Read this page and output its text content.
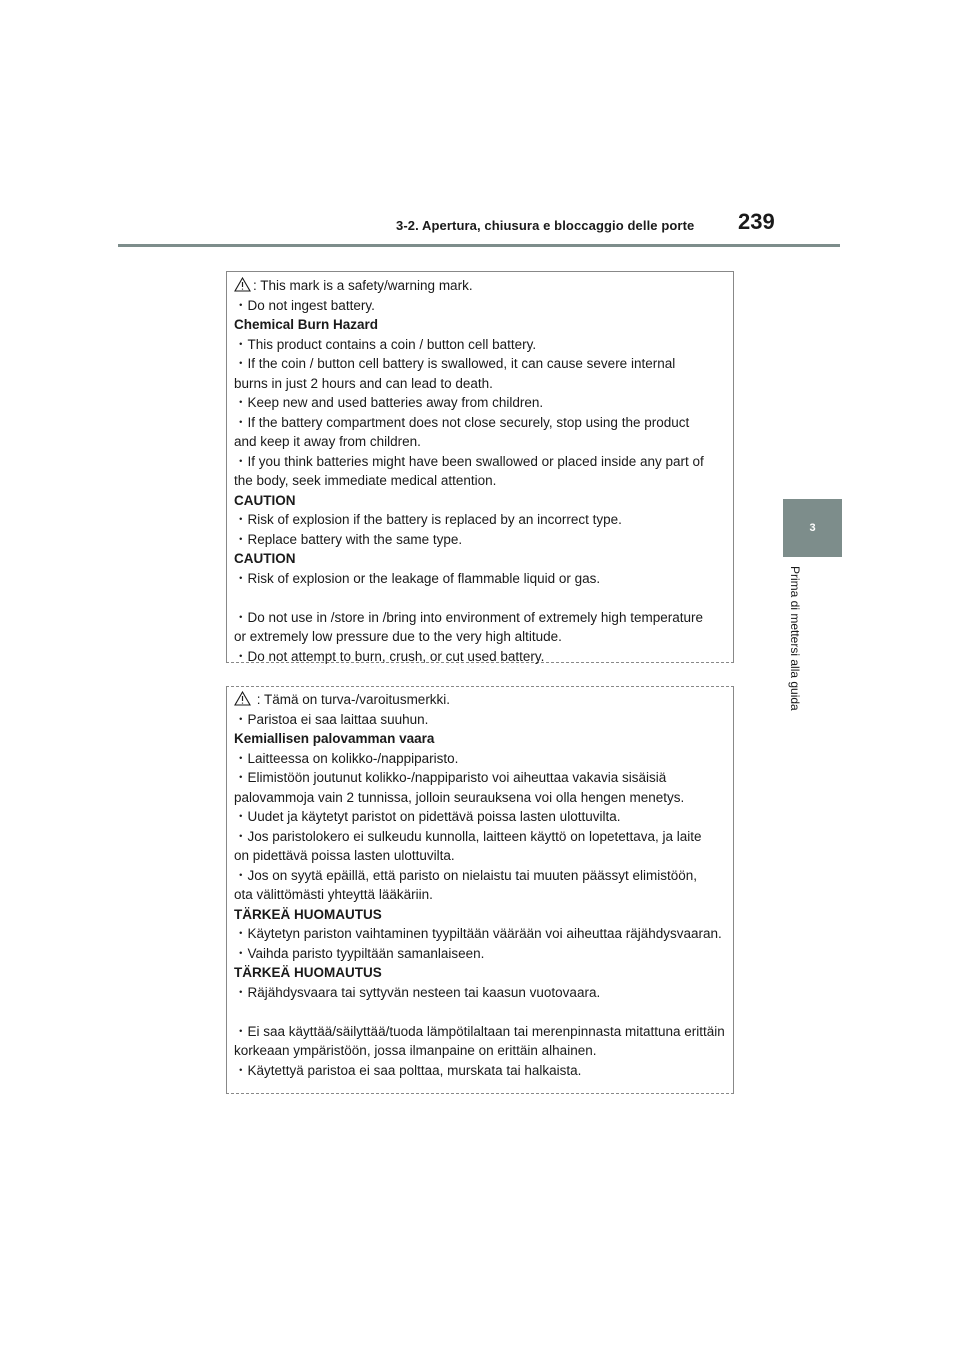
3-2. Apertura, chiusura e bloccaggio delle porte 239
3
Prima di mettersi alla guida
: This mark is a safety/warning mark.
・Do not ingest battery.
Chemical Burn Hazard
・This product contains a coin / button cell battery.
・If the coin / button cell battery is swallowed, it can cause severe internal
burns in just 2 hours and can lead to death.
・Keep new and used batteries away from children.
・If the battery compartment does not close securely, stop using the product
and keep it away from children.
・If you think batteries might have been swallowed or placed inside any part of
the body, seek immediate medical attention.
CAUTION
・Risk of explosion if the battery is replaced by an incorrect type.
・Replace battery with the same type.
CAUTION
・Risk of explosion or the leakage of flammable liquid or gas.
・Do not use in /store in /bring into environment of extremely high temperature
or extremely low pressure due to the very high altitude.
・Do not attempt to burn, crush, or cut used battery.
: Tämä on turva-/varoitusmerkki.
・Paristoa ei saa laittaa suuhun.
Kemiallisen palovamman vaara
・Laitteessa on kolikko-/nappiparisto.
・Elimistöön joutunut kolikko-/nappiparisto voi aiheuttaa vakavia sisäisiä
palovammoja vain 2 tunnissa, jolloin seurauksena voi olla hengen menetys.
・Uudet ja käytetyt paristot on pidettävä poissa lasten ulottuvilta.
・Jos paristolokero ei sulkeudu kunnolla, laitteen käyttö on lopetettava, ja laite
on pidettävä poissa lasten ulottuvilta.
・Jos on syytä epäillä, että paristo on nielaistu tai muuten päässyt elimistöön,
ota välittömästi yhteyttä lääkäriin.
TÄRKEÄ HUOMAUTUS
・Käytetyn pariston vaihtaminen tyypiltään väärään voi aiheuttaa räjähdysvaaran.
・Vaihda paristo tyypiltään samanlaiseen.
TÄRKEÄ HUOMAUTUS
・Räjähdysvaara tai syttyvän nesteen tai kaasun vuotovaara.
・Ei saa käyttää/säilyttää/tuoda lämpötilaltaan tai merenpinnasta mitattuna erittäin
korkeaan ympäristöön, jossa ilmanpaine on erittäin alhainen.
・Käytettyä paristoa ei saa polttaa, murskata tai halkaista.
